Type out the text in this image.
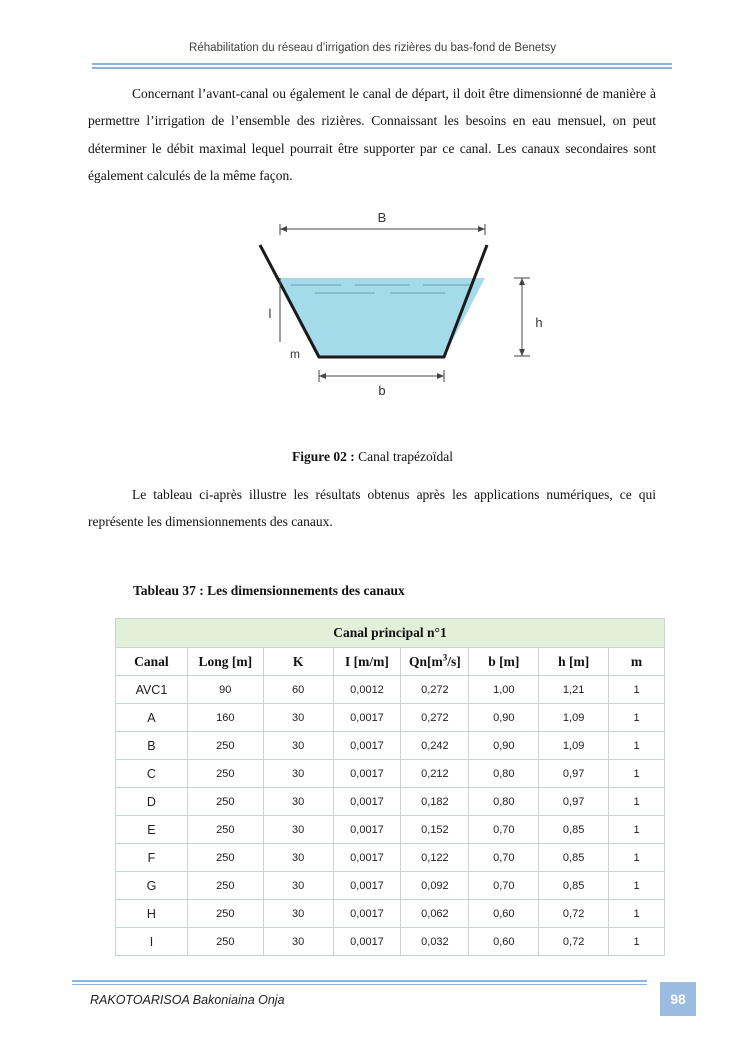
Réhabilitation du réseau d’irrigation des rizières du bas-fond de Benetsy

Concernant l’avant-canal ou également le canal de départ, il doit être dimensionné de manière à permettre l’irrigation de l’ensemble des rizières. Connaissant les besoins en eau mensuel, on peut déterminer le débit maximal lequel pourrait être supporter par ce canal. Les canaux secondaires sont également calculés de la même façon.

B
b
l
m
h
Figure 02 : Canal trapézoïdal

Le tableau ci-après illustre les résultats obtenus après les applications numériques, ce qui représente les dimensionnements des canaux.

Tableau 37 : Les dimensionnements des canaux
Canal principal n°1							
Canal	Long [m]	K	I [m/m]	$Qn[m^3/s]$	b [m]	h [m]	m
AVC1	90	60	0,0012	0,272	1,00	1,21	1
A	160	30	0,0017	0,272	0,90	1,09	1
B	250	30	0,0017	0,242	0,90	1,09	1
C	250	30	0,0017	0,212	0,80	0,97	1
D	250	30	0,0017	0,182	0,80	0,97	1
E	250	30	0,0017	0,152	0,70	0,85	1
F	250	30	0,0017	0,122	0,70	0,85	1
G	250	30	0,0017	0,092	0,70	0,85	1
H	250	30	0,0017	0,062	0,60	0,72	1
I	250	30	0,0017	0,032	0,60	0,72	1
RAKOTOARISOA Bakoniaina Onja	98
